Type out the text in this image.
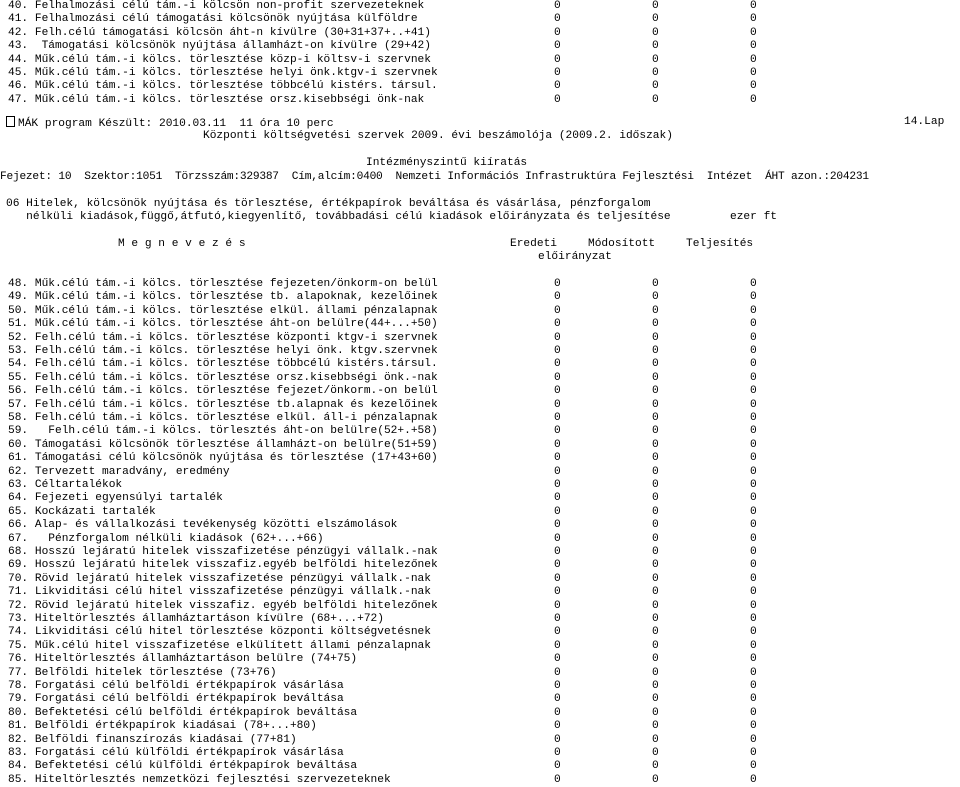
40. Felhalmozási célú tám.-i kölcsön non-profit szervezeteknek	0	0	0
41. Felhalmozási célú támogatási kölcsönök nyújtása külföldre	0	0	0
42. Felh.célú támogatási kölcsön áht-n kívülre (30+31+37+..+41)	0	0	0
43.  Támogatási kölcsönök nyújtása államházt-on kívülre (29+42)	0	0	0
44. Műk.célú tám.-i kölcs. törlesztése közp-i költsv-i szervnek	0	0	0
45. Műk.célú tám.-i kölcs. törlesztése helyi önk.ktgv-i szervnek	0	0	0
46. Műk.célú tám.-i kölcs. törlesztése többcélú kistérs. társul.	0	0	0
47. Műk.célú tám.-i kölcs. törlesztése orsz.kisebbségi önk-nak	0	0	0
MÁK program Készült: 2010.03.11  11 óra 10 perc	14.Lap
Központi költségvetési szervek 2009. évi beszámolója (2009.2. időszak)
Intézményszintű kiíratás
Fejezet: 10  Szektor:1051  Törzsszám:329387  Cím,alcím:0400  Nemzeti Információs Infrastruktúra Fejlesztési  Intézet  ÁHT azon.:204231
06 Hitelek, kölcsönök nyújtása és törlesztése, értékpapírok beváltása és vásárlása, pénzforgalom
nélküli kiadások,függő,átfutó,kiegyenlítő, továbbadási célú kiadások előirányzata és teljesítése	ezer ft
M e g n e v e z é s	Eredeti
előirányzat
Módosított	Teljesítés
48. Műk.célú tám.-i kölcs. törlesztése fejezeten/önkorm-on belül	0	0	0
49. Műk.célú tám.-i kölcs. törlesztése tb. alapoknak, kezelőinek	0	0	0
50. Műk.célú tám.-i kölcs. törlesztése elkül. állami pénzalapnak	0	0	0
51. Műk.célú tám.-i kölcs. törlesztése áht-on belülre(44+...+50)	0	0	0
52. Felh.célú tám.-i kölcs. törlesztése központi ktgv-i szervnek	0	0	0
53. Felh.célú tám.-i kölcs. törlesztése helyi önk. ktgv.szervnek	0	0	0
54. Felh.célú tám.-i kölcs. törlesztése többcélú kistérs.társul.	0	0	0
55. Felh.célú tám.-i kölcs. törlesztése orsz.kisebbségi önk.-nak	0	0	0
56. Felh.célú tám.-i kölcs. törlesztése fejezet/önkorm.-on belül	0	0	0
57. Felh.célú tám.-i kölcs. törlesztése tb.alapnak és kezelőinek	0	0	0
58. Felh.célú tám.-i kölcs. törlesztése elkül. áll-i pénzalapnak	0	0	0
59.   Felh.célú tám.-i kölcs. törlesztés áht-on belülre(52+.+58)	0	0	0
60. Támogatási kölcsönök törlesztése államházt-on belülre(51+59)	0	0	0
61. Támogatási célú kölcsönök nyújtása és törlesztése (17+43+60)	0	0	0
62. Tervezett maradvány, eredmény	0	0	0
63. Céltartalékok	0	0	0
64. Fejezeti egyensúlyi tartalék	0	0	0
65. Kockázati tartalék	0	0	0
66. Alap- és vállalkozási tevékenység közötti elszámolások	0	0	0
67.   Pénzforgalom nélküli kiadások (62+...+66)	0	0	0
68. Hosszú lejáratú hitelek visszafizetése pénzügyi vállalk.-nak	0	0	0
69. Hosszú lejáratú hitelek visszafiz.egyéb belföldi hitelezőnek	0	0	0
70. Rövid lejáratú hitelek visszafizetése pénzügyi vállalk.-nak	0	0	0
71. Likviditási célú hitel visszafizetése pénzügyi vállalk.-nak	0	0	0
72. Rövid lejáratú hitelek visszafiz. egyéb belföldi hitelezőnek	0	0	0
73. Hiteltörlesztés államháztartáson kívülre (68+...+72)	0	0	0
74. Likviditási célú hitel törlesztése központi költségvetésnek	0	0	0
75. Műk.célú hitel visszafizetése elkülített állami pénzalapnak	0	0	0
76. Hiteltörlesztés államháztartáson belülre (74+75)	0	0	0
77. Belföldi hitelek törlesztése (73+76)	0	0	0
78. Forgatási célú belföldi értékpapírok vásárlása	0	0	0
79. Forgatási célú belföldi értékpapírok beváltása	0	0	0
80. Befektetési célú belföldi értékpapírok beváltása	0	0	0
81. Belföldi értékpapírok kiadásai (78+...+80)	0	0	0
82. Belföldi finanszírozás kiadásai (77+81)	0	0	0
83. Forgatási célú külföldi értékpapírok vásárlása	0	0	0
84. Befektetési célú külföldi értékpapírok beváltása	0	0	0
85. Hiteltörlesztés nemzetközi fejlesztési szervezeteknek	0	0	0
